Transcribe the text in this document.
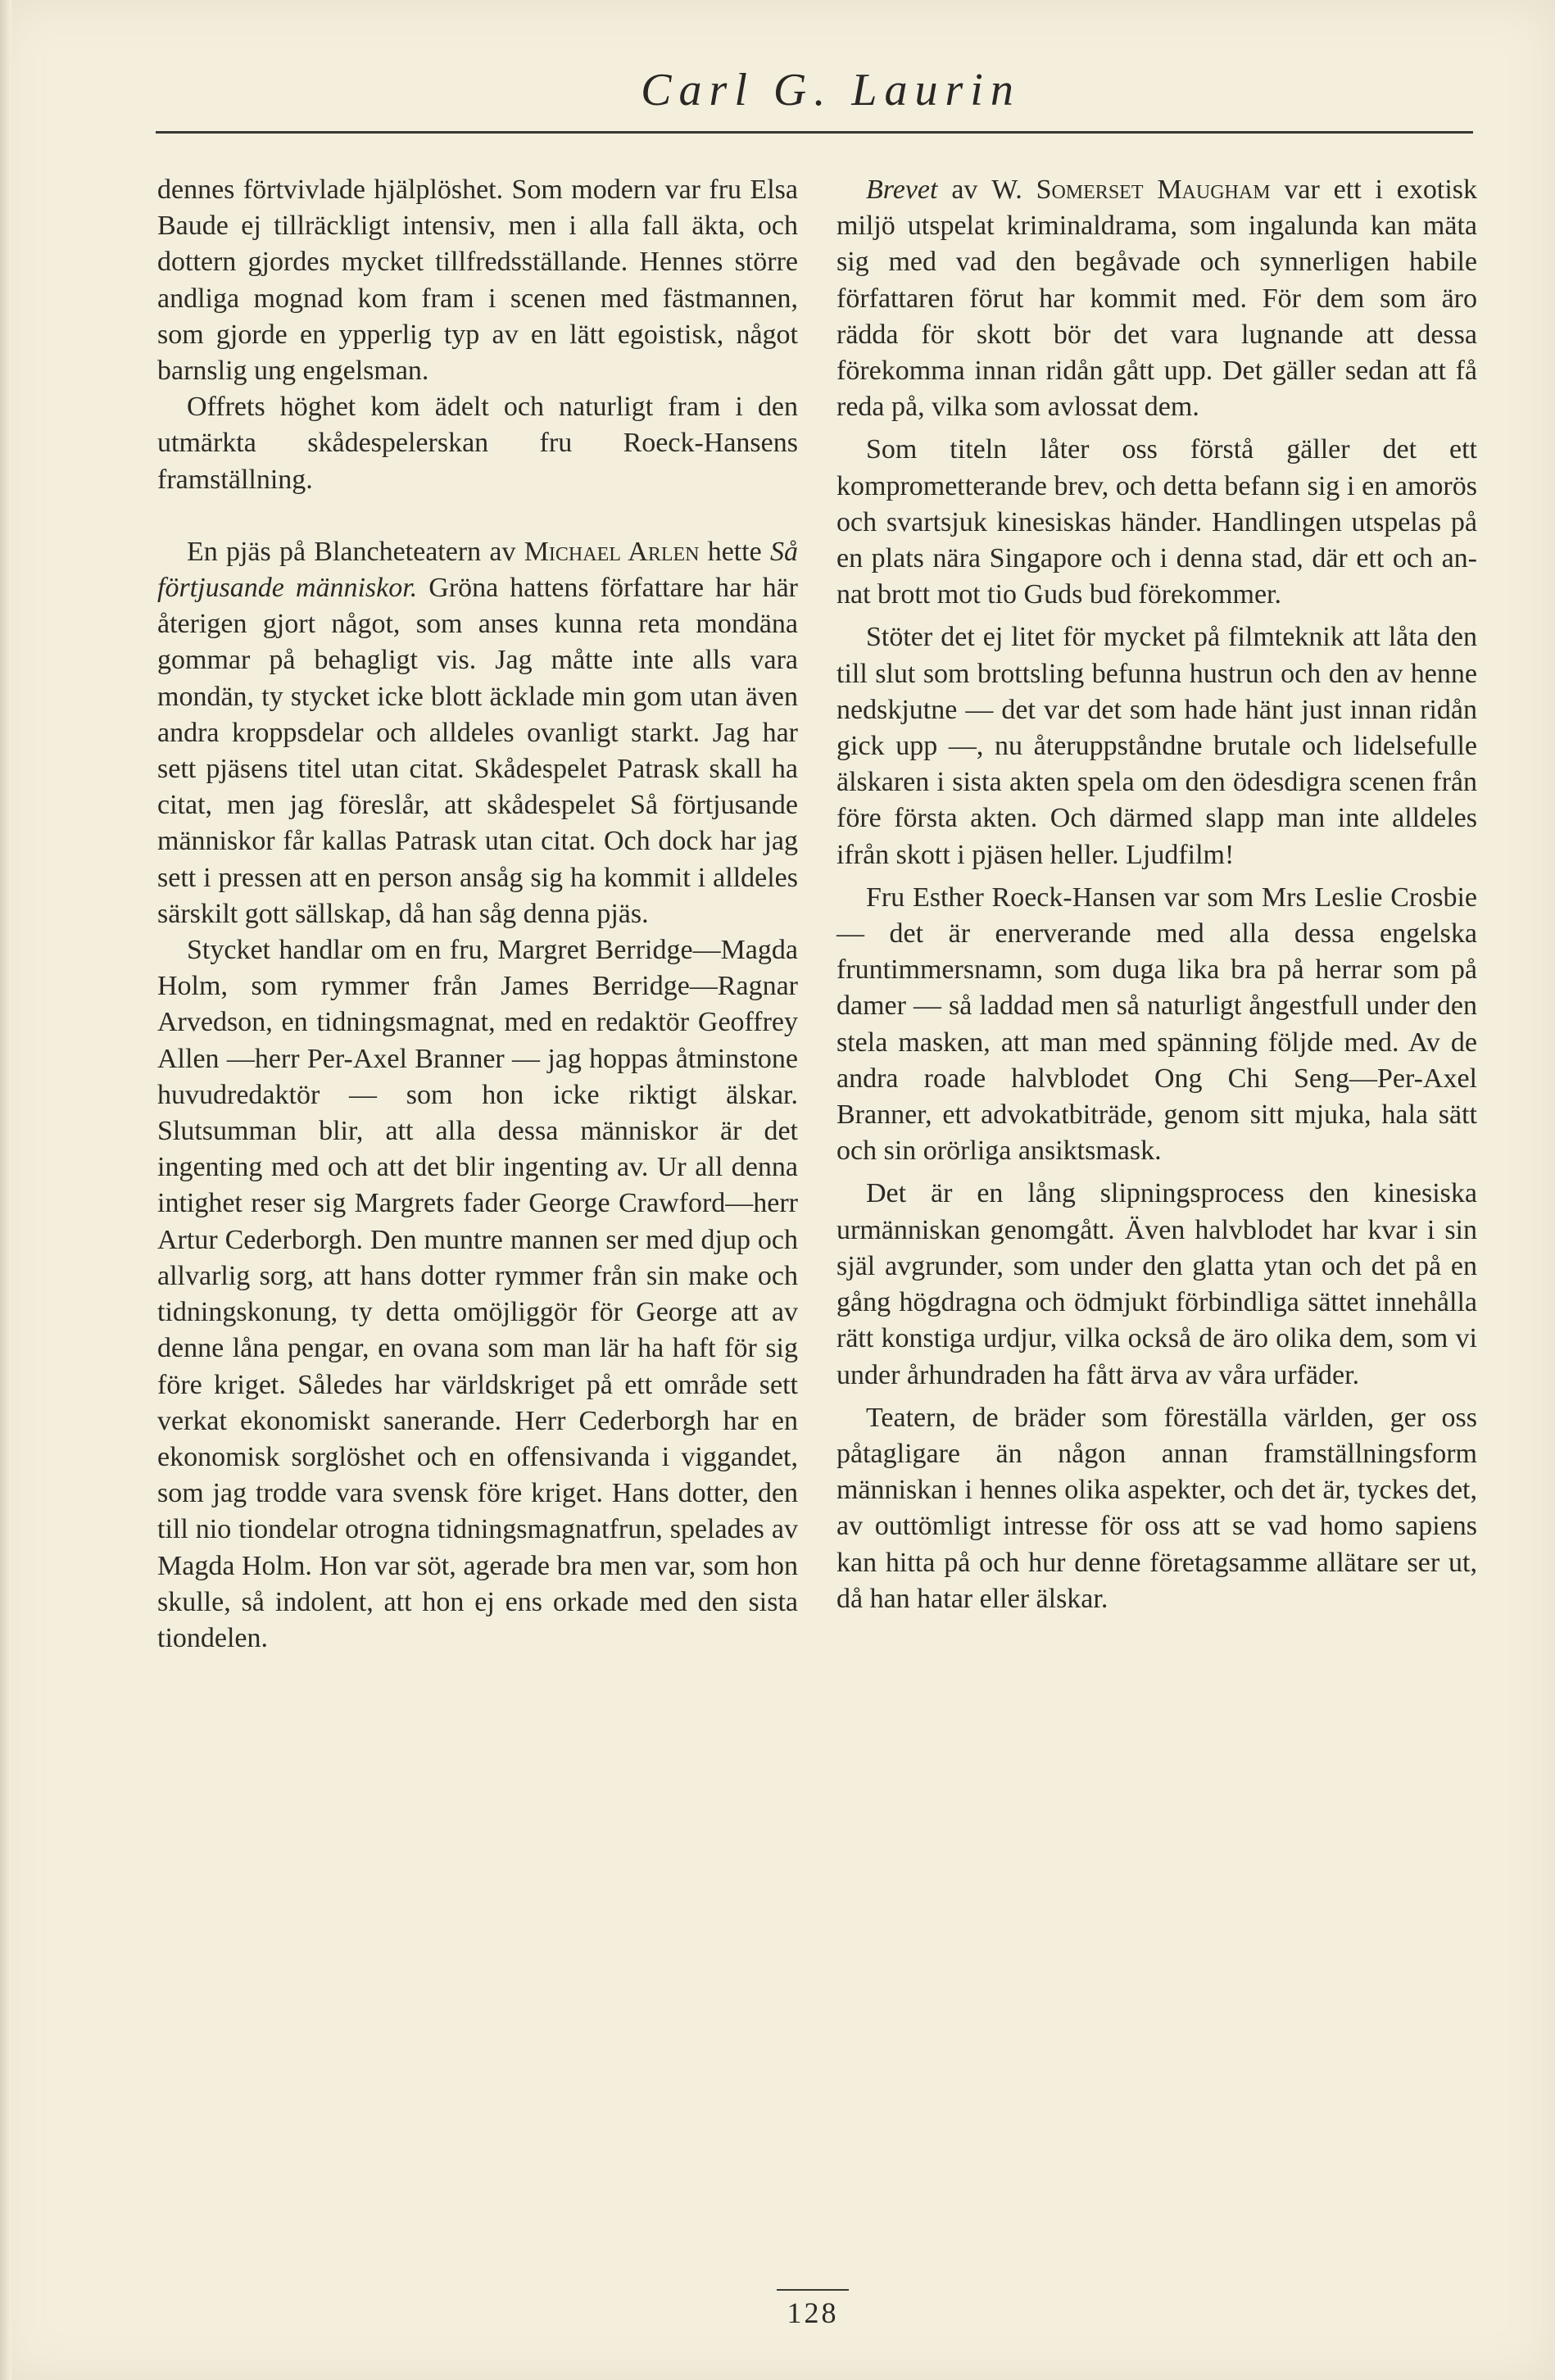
Carl G. Laurin

dennes förtvivlade hjälplöshet. Som modern var fru Elsa Baude ej tillräckligt intensiv, men i alla fall äkta, och dottern gjordes mycket tillfredsställande. Hennes större andliga mognad kom fram i scenen med fästmannen, som gjorde en ypperlig typ av en lätt egoistisk, något barnslig ung engelsman.

Offrets höghet kom ädelt och naturligt fram i den utmärkta skådespelerskan fru Roeck-Hansens framställning.

En pjäs på Blancheteatern av Michael Arlen hette Så förtjusande människor. Gröna hattens författare har här återigen gjort något, som anses kunna reta mondäna gommar på behagligt vis. Jag måtte inte alls vara mondän, ty stycket icke blott äcklade min gom utan även andra kroppsdelar och alldeles ovanligt starkt. Jag har sett pjäsens titel utan citat. Skådespelet Patrask skall ha citat, men jag föreslår, att skådespelet Så förtjusande människor får kallas Patrask utan citat. Och dock har jag sett i pressen att en person ansåg sig ha kommit i alldeles särskilt gott sällskap, då han såg denna pjäs.

Stycket handlar om en fru, Margret Berridge—Magda Holm, som rymmer från James Berridge—Ragnar Arvedson, en tidningsmagnat, med en redaktör Geoffrey Allen —herr Per-Axel Branner — jag hoppas åtminstone huvudredaktör — som hon icke riktigt älskar. Slutsumman blir, att alla dessa människor är det ingenting med och att det blir ingenting av. Ur all denna intighet reser sig Margrets fader George Crawford—herr Artur Cederborgh. Den muntre mannen ser med djup och allvarlig sorg, att hans dotter rymmer från sin make och tidningskonung, ty detta omöjliggör för George att av denne låna pengar, en ovana som man lär ha haft för sig före kriget. Således har världskriget på ett område sett verkat ekonomiskt sanerande. Herr Cederborgh har en ekonomisk sorglöshet och en offensivanda i viggandet, som jag trodde vara svensk före kriget. Hans dotter, den till nio tiondelar otrogna tidningsmagnatfrun, spelades av Magda Holm. Hon var söt, agerade bra men var, som hon skulle, så indolent, att hon ej ens orkade med den sista tiondelen.

Brevet av W. Somerset Maugham var ett i exotisk miljö utspelat kriminaldrama, som ingalunda kan mäta sig med vad den begåvade och synnerligen habile författaren förut har kommit med. För dem som äro rädda för skott bör det vara lugnande att dessa förekomma innan ridån gått upp. Det gäller sedan att få reda på, vilka som avlossat dem.

Som titeln låter oss förstå gäller det ett komprometterande brev, och detta befann sig i en amorös och svartsjuk kinesiskas händer. Handlingen utspelas på en plats nära Singapore och i denna stad, där ett och annat brott mot tio Guds bud förekommer.

Stöter det ej litet för mycket på filmteknik att låta den till slut som brottsling befunna hustrun och den av henne nedskjutne — det var det som hade hänt just innan ridån gick upp —, nu återuppståndne brutale och lidelsefulle älskaren i sista akten spela om den ödesdigra scenen från före första akten. Och därmed slapp man inte alldeles ifrån skott i pjäsen heller. Ljudfilm!

Fru Esther Roeck-Hansen var som Mrs Leslie Crosbie — det är enerverande med alla dessa engelska fruntimmersnamn, som duga lika bra på herrar som på damer — så laddad men så naturligt ångestfull under den stela masken, att man med spänning följde med. Av de andra roade halvblodet Ong Chi Seng—Per-Axel Branner, ett advokatbiträde, genom sitt mjuka, hala sätt och sin orörliga ansiktsmask.

Det är en lång slipningsprocess den kinesiska urmänniskan genomgått. Även halvblodet har kvar i sin själ avgrunder, som under den glatta ytan och det på en gång högdragna och ödmjukt förbindliga sättet innehålla rätt konstiga urdjur, vilka också de äro olika dem, som vi under århundraden ha fått ärva av våra urfäder.

Teatern, de bräder som föreställa världen, ger oss påtagligare än någon annan framställningsform människan i hennes olika aspekter, och det är, tyckes det, av outtömligt intresse för oss att se vad homo sapiens kan hitta på och hur denne företagsamme allätare ser ut, då han hatar eller älskar.

128
